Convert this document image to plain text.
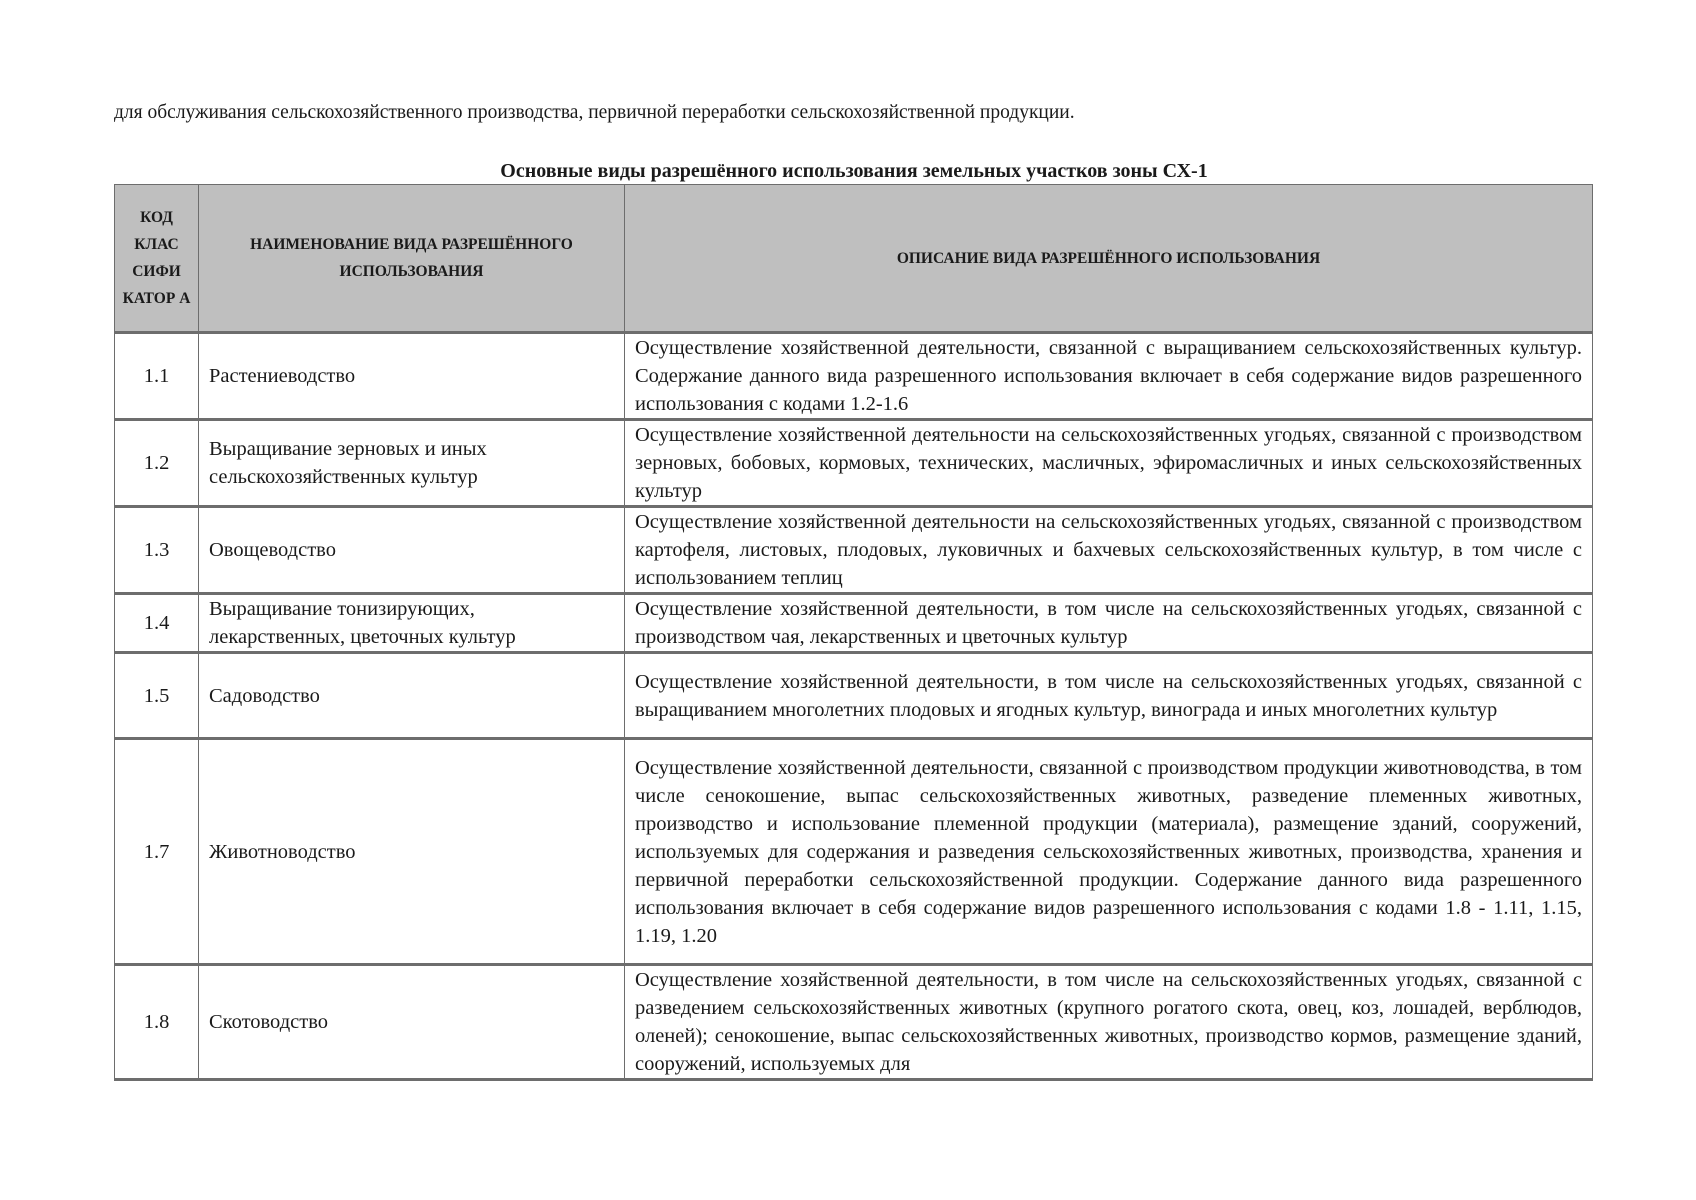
для обслуживания сельскохозяйственного производства, первичной переработки сельскохозяйственной продукции.
Основные виды разрешённого использования земельных участков зоны СХ-1
КОД КЛАС СИФИ КАТОР А	НАИМЕНОВАНИЕ ВИДА РАЗРЕШЁННОГО ИСПОЛЬЗОВАНИЯ	ОПИСАНИЕ ВИДА РАЗРЕШЁННОГО ИСПОЛЬЗОВАНИЯ
1.1	Растениеводство	Осуществление хозяйственной деятельности, связанной с выращиванием сельскохозяйственных культур. Содержание данного вида разрешенного использования включает в себя содержание видов разрешенного использования с кодами 1.2-1.6
1.2	Выращивание зерновых и иных сельскохозяйственных культур	Осуществление хозяйственной деятельности на сельскохозяйственных угодьях, связанной с производством зерновых, бобовых, кормовых, технических, масличных, эфиромасличных и иных сельскохозяйственных культур
1.3	Овощеводство	Осуществление хозяйственной деятельности на сельскохозяйственных угодьях, связанной с производством картофеля, листовых, плодовых, луковичных и бахчевых сельскохозяйственных культур, в том числе с использованием теплиц
1.4	Выращивание тонизирующих, лекарственных, цветочных культур	Осуществление хозяйственной деятельности, в том числе на сельскохозяйственных угодьях, связанной с производством чая, лекарственных и цветочных культур
1.5	Садоводство	Осуществление хозяйственной деятельности, в том числе на сельскохозяйственных угодьях, связанной с выращиванием многолетних плодовых и ягодных культур, винограда и иных многолетних культур
1.7	Животноводство	Осуществление хозяйственной деятельности, связанной с производством продукции животноводства, в том числе сенокошение, выпас сельскохозяйственных животных, разведение племенных животных, производство и использование племенной продукции (материала), размещение зданий, сооружений, используемых для содержания и разведения сельскохозяйственных животных, производства, хранения и первичной переработки сельскохозяйственной продукции. Содержание данного вида разрешенного использования включает в себя содержание видов разрешенного использования с кодами 1.8 - 1.11, 1.15, 1.19, 1.20
1.8	Скотоводство	Осуществление хозяйственной деятельности, в том числе на сельскохозяйственных угодьях, связанной с разведением сельскохозяйственных животных (крупного рогатого скота, овец, коз, лошадей, верблюдов, оленей); сенокошение, выпас сельскохозяйственных животных, производство кормов, размещение зданий, сооружений, используемых для
